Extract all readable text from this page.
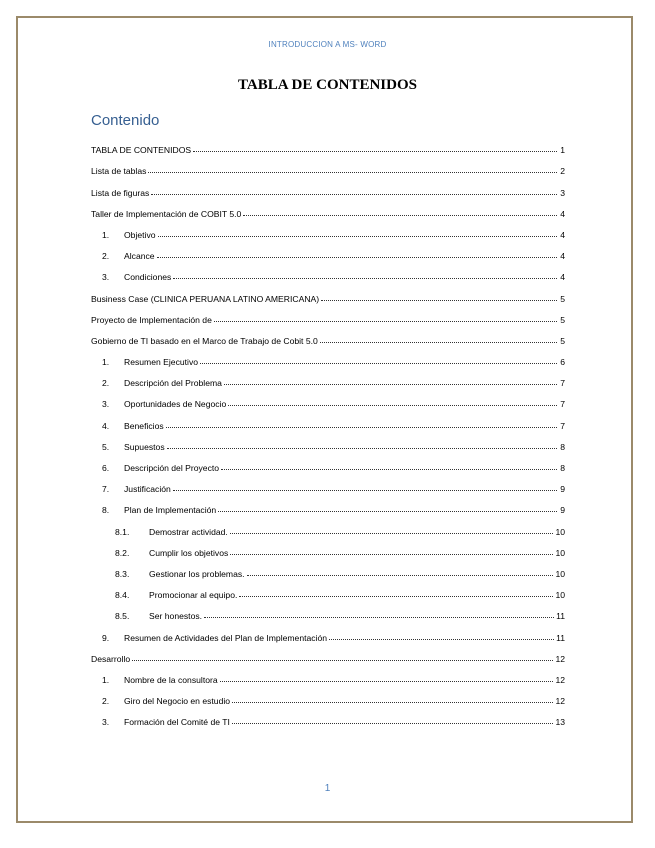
INTRODUCCION A MS- WORD
TABLA DE CONTENIDOS
Contenido
TABLA DE CONTENIDOS	1
Lista de tablas	2
Lista de figuras	3
Taller de Implementación de COBIT 5.0	4
1.	Objetivo	4
2.	Alcance	4
3.	Condiciones	4
Business Case (CLINICA PERUANA LATINO AMERICANA)	5
Proyecto de Implementación de	5
Gobierno de TI basado en el Marco de Trabajo de Cobit 5.0	5
1.	Resumen Ejecutivo	6
2.	Descripción del Problema	7
3.	Oportunidades de Negocio	7
4.	Beneficios	7
5.	Supuestos	8
6.	Descripción del Proyecto	8
7.	Justificación	9
8.	Plan de Implementación	9
8.1.	Demostrar actividad.	10
8.2.	Cumplir los objetivos	10
8.3.	Gestionar los problemas.	10
8.4.	Promocionar al equipo.	10
8.5.	Ser honestos.	11
9.	Resumen de Actividades del Plan de Implementación	11
Desarrollo	12
1.	Nombre de la consultora	12
2.	Giro del Negocio en estudio	12
3.	Formación del Comité de TI	13
1
